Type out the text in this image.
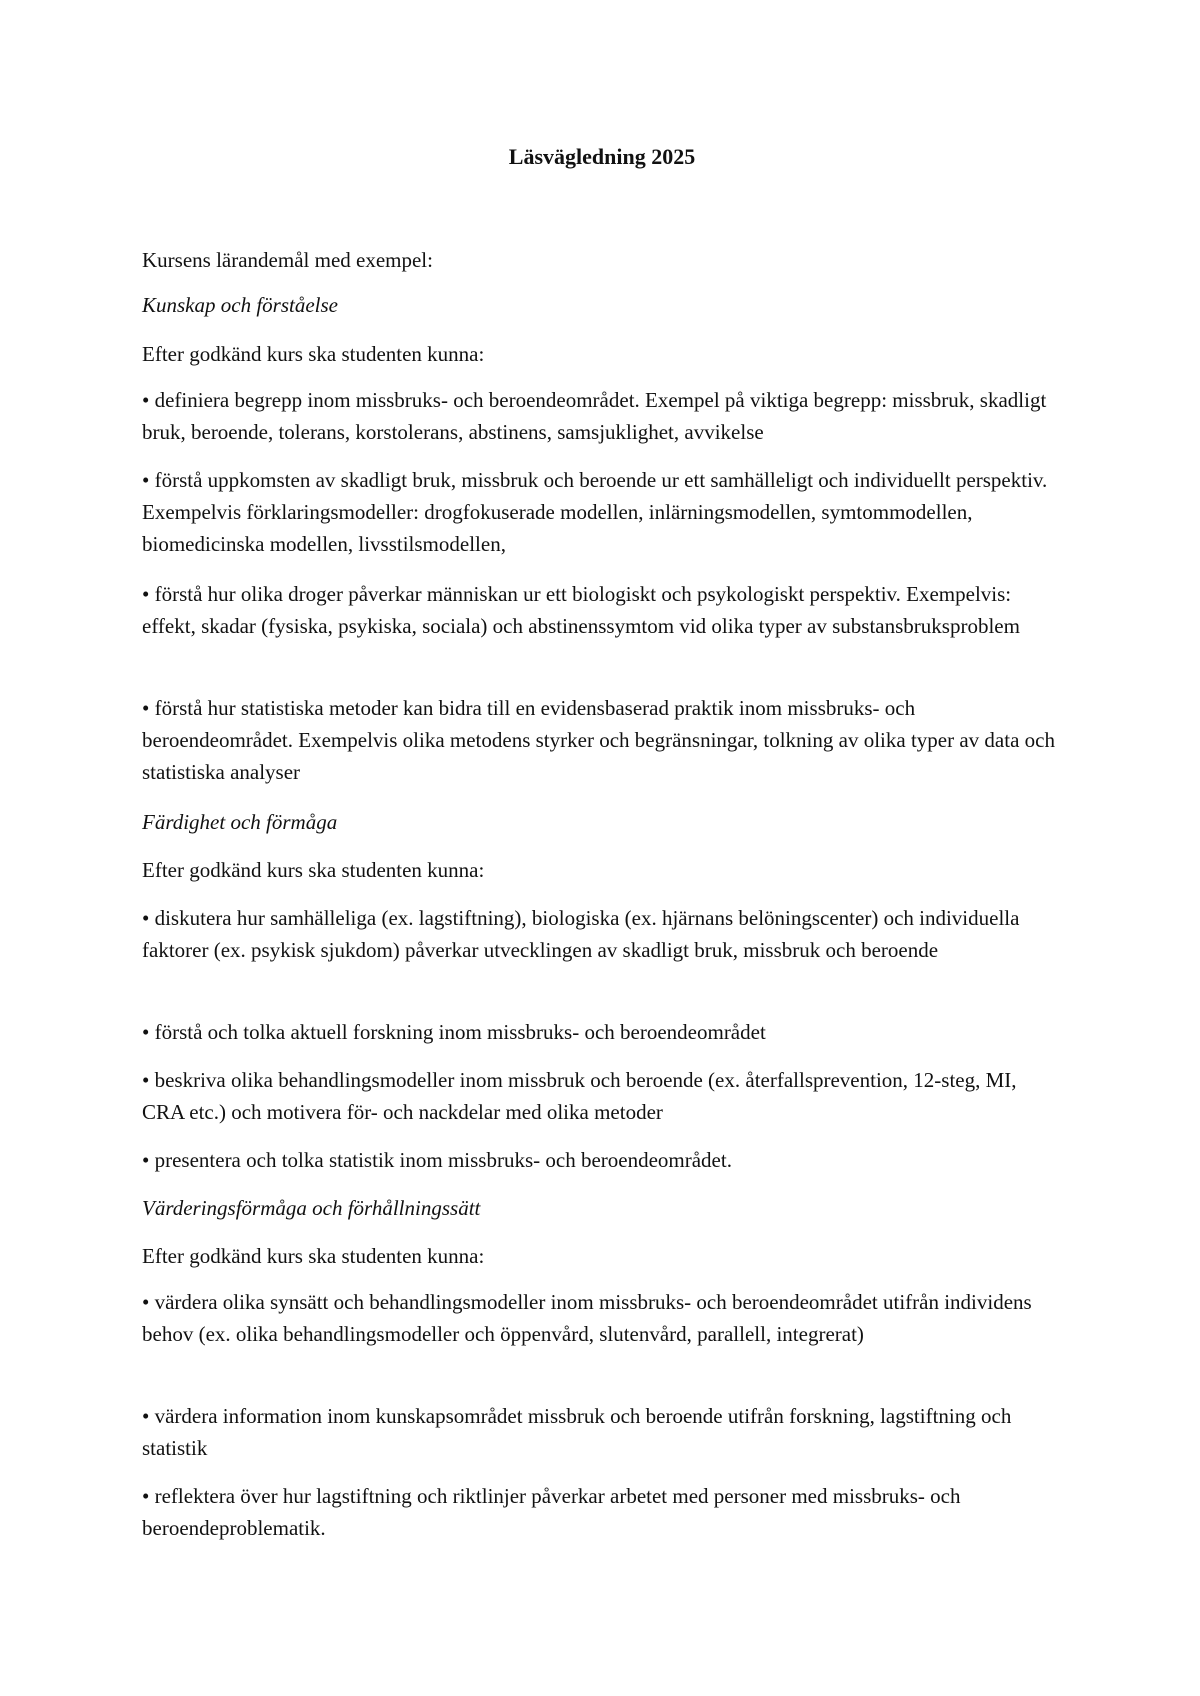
Läsvägledning 2025

Kursens lärandemål med exempel:

Kunskap och förståelse

Efter godkänd kurs ska studenten kunna:

• definiera begrepp inom missbruks- och beroendeområdet. Exempel på viktiga begrepp: missbruk, skadligt bruk, beroende, tolerans, korstolerans, abstinens, samsjuklighet, avvikelse

• förstå uppkomsten av skadligt bruk, missbruk och beroende ur ett samhälleligt och individuellt perspektiv. Exempelvis förklaringsmodeller: drogfokuserade modellen, inlärningsmodellen, symtommodellen, biomedicinska modellen, livsstilsmodellen,

• förstå hur olika droger påverkar människan ur ett biologiskt och psykologiskt perspektiv. Exempelvis: effekt, skadar (fysiska, psykiska, sociala) och abstinenssymtom vid olika typer av substansbruksproblem

• förstå hur statistiska metoder kan bidra till en evidensbaserad praktik inom missbruks- och beroendeområdet. Exempelvis olika metodens styrker och begränsningar, tolkning av olika typer av data och statistiska analyser

Färdighet och förmåga

Efter godkänd kurs ska studenten kunna:

• diskutera hur samhälleliga (ex. lagstiftning), biologiska (ex. hjärnans belöningscenter) och individuella faktorer (ex. psykisk sjukdom) påverkar utvecklingen av skadligt bruk, missbruk och beroende

• förstå och tolka aktuell forskning inom missbruks- och beroendeområdet

• beskriva olika behandlingsmodeller inom missbruk och beroende (ex. återfallsprevention, 12-steg, MI, CRA etc.) och motivera för- och nackdelar med olika metoder

• presentera och tolka statistik inom missbruks- och beroendeområdet.

Värderingsförmåga och förhållningssätt

Efter godkänd kurs ska studenten kunna:

• värdera olika synsätt och behandlingsmodeller inom missbruks- och beroendeområdet utifrån individens behov (ex. olika behandlingsmodeller och öppenvård, slutenvård, parallell, integrerat)

• värdera information inom kunskapsområdet missbruk och beroende utifrån forskning, lagstiftning och statistik

• reflektera över hur lagstiftning och riktlinjer påverkar arbetet med personer med missbruks- och beroendeproblematik.
